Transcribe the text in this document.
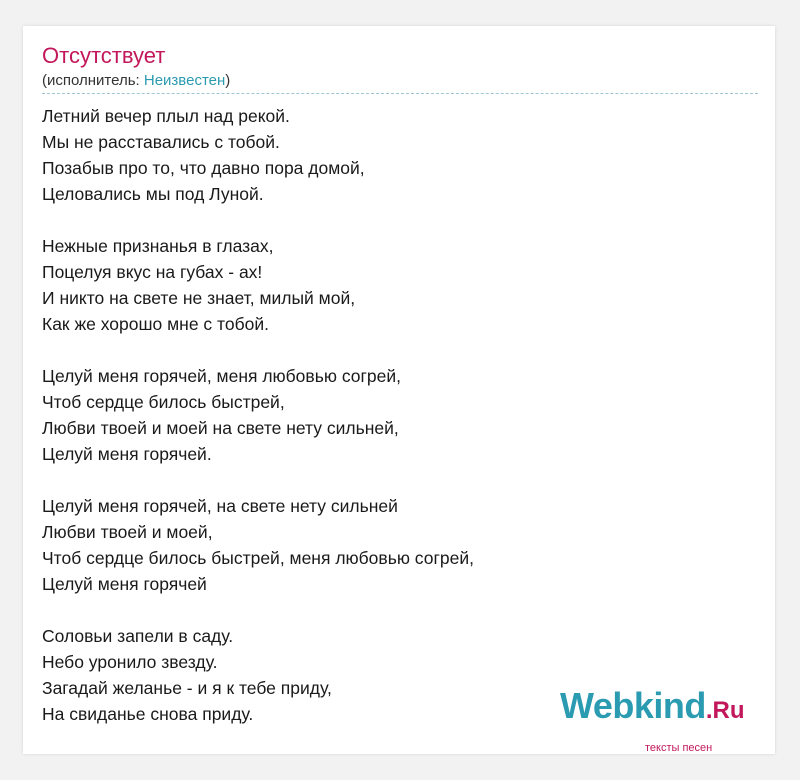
Отсутствует
(исполнитель: Неизвестен)
Летний вечер плыл над рекой.
Мы не расставались с тобой.
Позабыв про то, что давно пора домой,
Целовались мы под Луной.
Нежные признанья в глазах,
Поцелуя вкус на губах - ах!
И никто на свете не знает, милый мой,
Как же хорошо мне с тобой.
Целуй меня горячей, меня любовью согрей,
Чтоб сердце билось быстрей,
Любви твоей и моей на свете нету сильней,
Целуй меня горячей.
Целуй меня горячей, на свете нету сильней
Любви твоей и моей,
Чтоб сердце билось быстрей, меня любовью согрей,
Целуй меня горячей
Соловьи запели в саду.
Небо уронило звезду.
Загадай желанье - и я к тебе приду,
На свиданье снова приду.	Webkind.Ru
тексты песен
